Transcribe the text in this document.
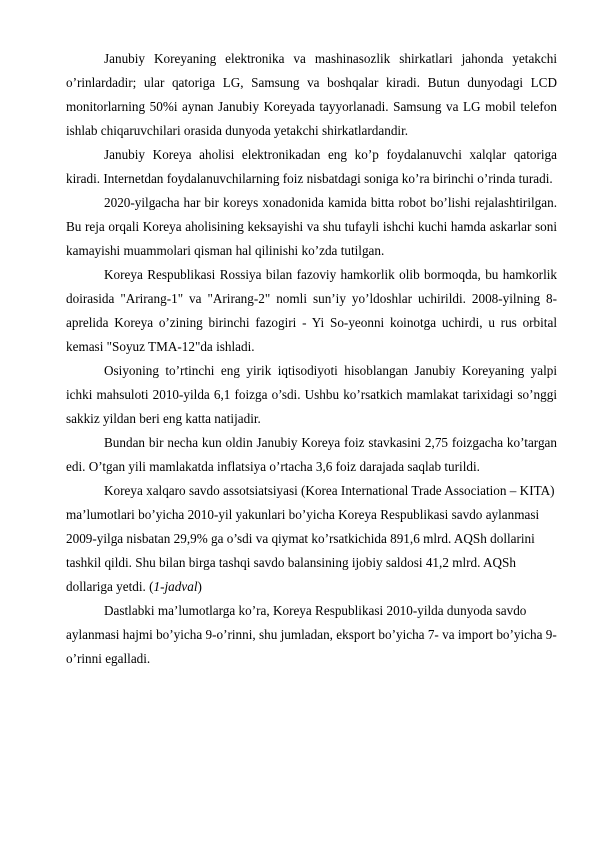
Janubiy Koreyaning elektronika va mashinasozlik shirkatlari jahonda yetakchi o’rinlardadir; ular qatoriga LG, Samsung va boshqalar kiradi. Butun dunyodagi LCD monitorlarning 50%i aynan Janubiy Koreyada tayyorlanadi. Samsung va LG mobil telefon ishlab chiqaruvchilari orasida dunyoda yetakchi shirkatlardandir.

Janubiy Koreya aholisi elektronikadan eng ko’p foydalanuvchi xalqlar qatoriga kiradi. Internetdan foydalanuvchilarning foiz nisbatdagi soniga ko’ra birinchi o’rinda turadi.

2020-yilgacha har bir koreys xonadonida kamida bitta robot bo’lishi rejalashtirilgan. Bu reja orqali Koreya aholisining keksayishi va shu tufayli ishchi kuchi hamda askarlar soni kamayishi muammolari qisman hal qilinishi ko’zda tutilgan.

Koreya Respublikasi Rossiya bilan fazoviy hamkorlik olib bormoqda, bu hamkorlik doirasida "Arirang-1" va "Arirang-2" nomli sun’iy yo’ldoshlar uchirildi. 2008-yilning 8-aprelida Koreya o’zining birinchi fazogiri - Yi So-yeonni koinotga uchirdi, u rus orbital kemasi "Soyuz TMA-12"da ishladi.

Osiyoning to’rtinchi eng yirik iqtisodiyoti hisoblangan Janubiy Koreyaning yalpi ichki mahsuloti 2010-yilda 6,1 foizga o’sdi. Ushbu ko’rsatkich mamlakat tarixidagi so’nggi sakkiz yildan beri eng katta natijadir.

Bundan bir necha kun oldin Janubiy Koreya foiz stavkasini 2,75 foizgacha ko’targan edi. O’tgan yili mamlakatda inflatsiya o’rtacha 3,6 foiz darajada saqlab turildi.

Koreya xalqaro savdo assotsiatsiyasi (Korea International Trade Association – KITA) ma’lumotlari bo’yicha 2010-yil yakunlari bo’yicha Koreya Respublikasi savdo aylanmasi 2009-yilga nisbatan 29,9% ga o’sdi va qiymat ko’rsatkichida 891,6 mlrd. AQSh dollarini tashkil qildi. Shu bilan birga tashqi savdo balansining ijobiy saldosi 41,2 mlrd. AQSh dollariga yetdi. (1-jadval)

Dastlabki ma’lumotlarga ko’ra, Koreya Respublikasi 2010-yilda dunyoda savdo aylanmasi hajmi bo’yicha 9-o’rinni, shu jumladan, eksport bo’yicha 7- va import bo’yicha 9-o’rinni egalladi.
